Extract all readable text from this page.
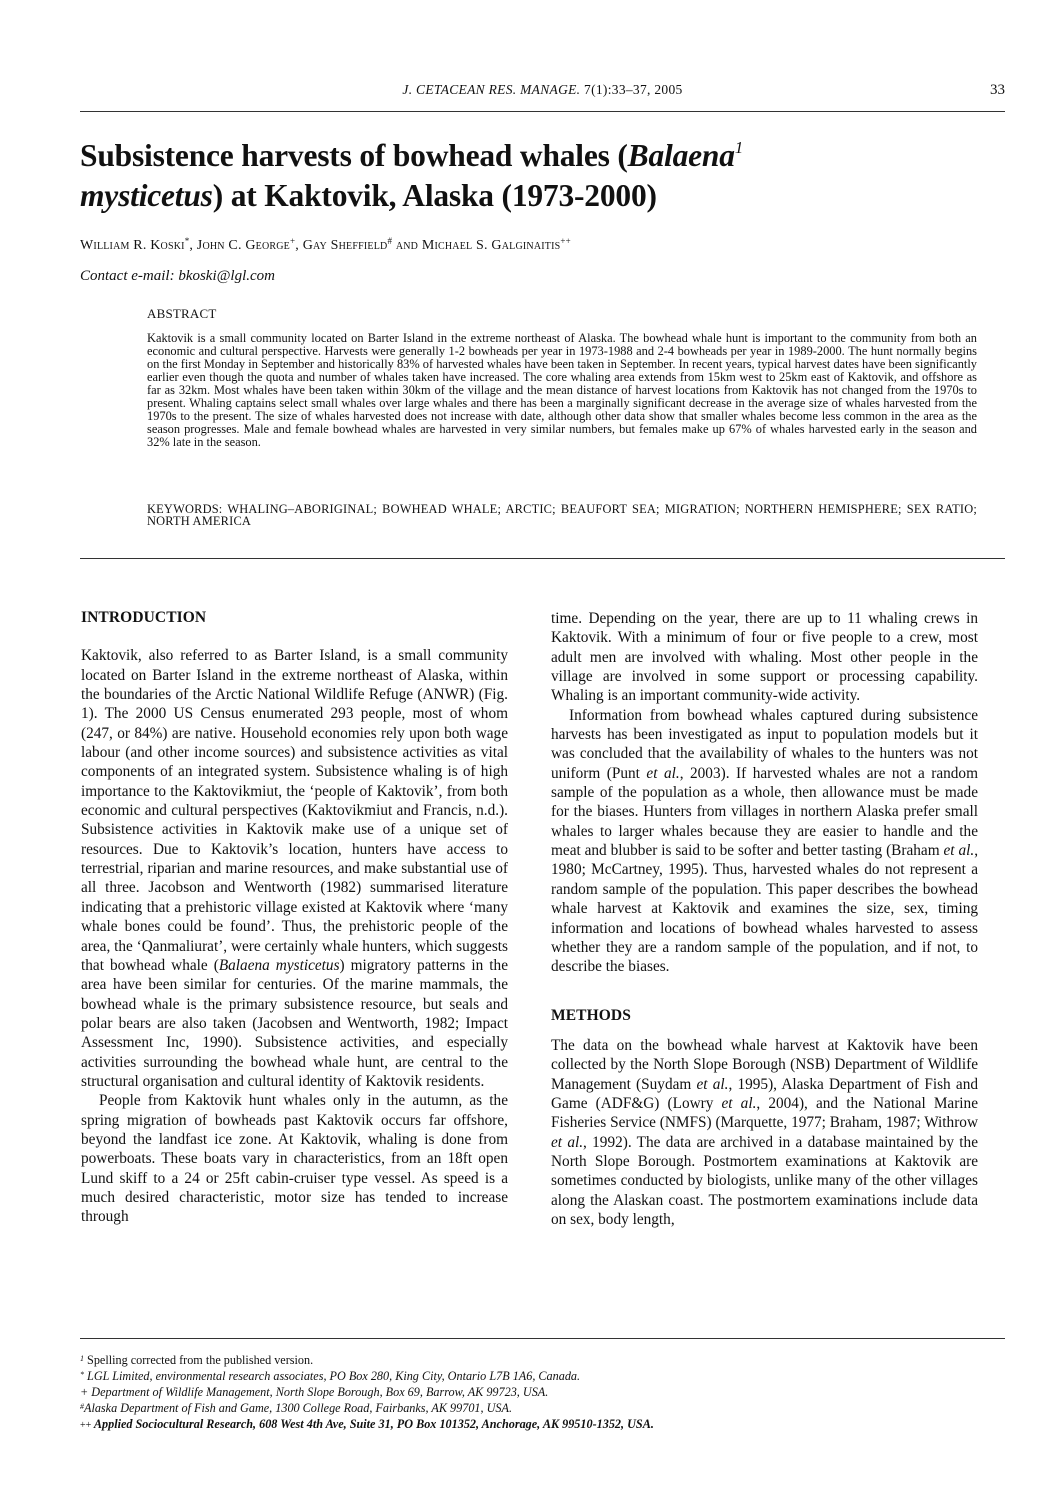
J. CETACEAN RES. MANAGE. 7(1):33–37, 2005	33
Subsistence harvests of bowhead whales (Balaena$^1$
mysticetus) at Kaktovik, Alaska (1973-2000)
William R. Koski*, John C. George+, Gay Sheffield# and Michael S. Galginaitis++
Contact e-mail: bkoski@lgl.com
ABSTRACT
Kaktovik is a small community located on Barter Island in the extreme northeast of Alaska. The bowhead whale hunt is important to the community from both an economic and cultural perspective. Harvests were generally 1-2 bowheads per year in 1973-1988 and 2-4 bowheads per year in 1989-2000. The hunt normally begins on the first Monday in September and historically 83% of harvested whales have been taken in September. In recent years, typical harvest dates have been significantly earlier even though the quota and number of whales taken have increased. The core whaling area extends from 15km west to 25km east of Kaktovik, and offshore as far as 32km. Most whales have been taken within 30km of the village and the mean distance of harvest locations from Kaktovik has not changed from the 1970s to present. Whaling captains select small whales over large whales and there has been a marginally significant decrease in the average size of whales harvested from the 1970s to the present. The size of whales harvested does not increase with date, although other data show that smaller whales become less common in the area as the season progresses. Male and female bowhead whales are harvested in very similar numbers, but females make up 67% of whales harvested early in the season and 32% late in the season.
KEYWORDS: WHALING–ABORIGINAL; BOWHEAD WHALE; ARCTIC; BEAUFORT SEA; MIGRATION; NORTHERN HEMISPHERE; SEX RATIO; NORTH AMERICA
INTRODUCTION

Kaktovik, also referred to as Barter Island, is a small community located on Barter Island in the extreme northeast of Alaska, within the boundaries of the Arctic National Wildlife Refuge (ANWR) (Fig. 1). The 2000 US Census enumerated 293 people, most of whom (247, or 84%) are native. Household economies rely upon both wage labour (and other income sources) and subsistence activities as vital components of an integrated system. Subsistence whaling is of high importance to the Kaktovikmiut, the ‘people of Kaktovik’, from both economic and cultural perspectives (Kaktovikmiut and Francis, n.d.). Subsistence activities in Kaktovik make use of a unique set of resources. Due to Kaktovik’s location, hunters have access to terrestrial, riparian and marine resources, and make substantial use of all three. Jacobson and Wentworth (1982) summarised literature indicating that a prehistoric village existed at Kaktovik where ‘many whale bones could be found’. Thus, the prehistoric people of the area, the ‘Qanmaliurat’, were certainly whale hunters, which suggests that bowhead whale (Balaena mysticetus) migratory patterns in the area have been similar for centuries. Of the marine mammals, the bowhead whale is the primary subsistence resource, but seals and polar bears are also taken (Jacobsen and Wentworth, 1982; Impact Assessment Inc, 1990). Subsistence activities, and especially activities surrounding the bowhead whale hunt, are central to the structural organisation and cultural identity of Kaktovik residents.

People from Kaktovik hunt whales only in the autumn, as the spring migration of bowheads past Kaktovik occurs far offshore, beyond the landfast ice zone. At Kaktovik, whaling is done from powerboats. These boats vary in characteristics, from an 18ft open Lund skiff to a 24 or 25ft cabin-cruiser type vessel. As speed is a much desired characteristic, motor size has tended to increase through

time. Depending on the year, there are up to 11 whaling crews in Kaktovik. With a minimum of four or five people to a crew, most adult men are involved with whaling. Most other people in the village are involved in some support or processing capability. Whaling is an important community-wide activity.

Information from bowhead whales captured during subsistence harvests has been investigated as input to population models but it was concluded that the availability of whales to the hunters was not uniform (Punt et al., 2003). If harvested whales are not a random sample of the population as a whole, then allowance must be made for the biases. Hunters from villages in northern Alaska prefer small whales to larger whales because they are easier to handle and the meat and blubber is said to be softer and better tasting (Braham et al., 1980; McCartney, 1995). Thus, harvested whales do not represent a random sample of the population. This paper describes the bowhead whale harvest at Kaktovik and examines the size, sex, timing information and locations of bowhead whales harvested to assess whether they are a random sample of the population, and if not, to describe the biases.

METHODS

The data on the bowhead whale harvest at Kaktovik have been collected by the North Slope Borough (NSB) Department of Wildlife Management (Suydam et al., 1995), Alaska Department of Fish and Game (ADF&G) (Lowry et al., 2004), and the National Marine Fisheries Service (NMFS) (Marquette, 1977; Braham, 1987; Withrow et al., 1992). The data are archived in a database maintained by the North Slope Borough. Postmortem examinations at Kaktovik are sometimes conducted by biologists, unlike many of the other villages along the Alaskan coast. The postmortem examinations include data on sex, body length,

$^1$ Spelling corrected from the published version.
* LGL Limited, environmental research associates, PO Box 280, King City, Ontario L7B 1A6, Canada.
+ Department of Wildlife Management, North Slope Borough, Box 69, Barrow, AK 99723, USA.
#Alaska Department of Fish and Game, 1300 College Road, Fairbanks, AK 99701, USA.
++ Applied Sociocultural Research, 608 West 4th Ave, Suite 31, PO Box 101352, Anchorage, AK 99510-1352, USA.
